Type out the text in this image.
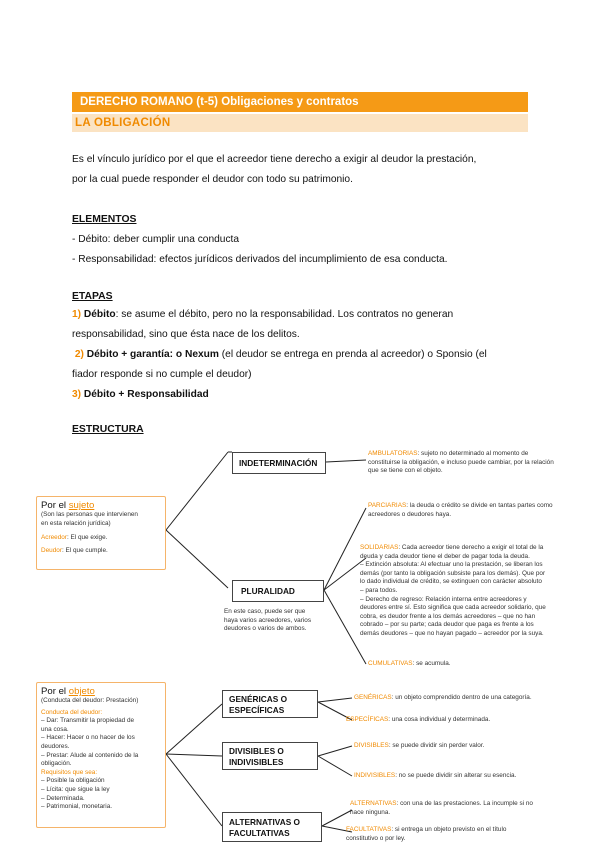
DERECHO ROMANO (t-5) Obligaciones y contratos
LA OBLIGACIÓN
Es el vínculo jurídico por el que el acreedor tiene derecho a exigir al deudor la prestación,
por la cual puede responder el deudor con todo su patrimonio.
ELEMENTOS
- Débito: deber cumplir una conducta
- Responsabilidad: efectos jurídicos derivados del incumplimiento de esa conducta.
ETAPAS
1) Débito: se asume el débito, pero no la responsabilidad. Los contratos no generan
responsabilidad, sino que ésta nace de los delitos.
2) Débito + garantía: o Nexum (el deudor se entrega en prenda al acreedor) o Sponsio (el
fiador responde si no cumple el deudor)
3) Débito + Responsabilidad
ESTRUCTURA
Por el sujeto
(Son las personas que intervienen
en esta relación jurídica)
Acreedor: El que exige.
Deudor: El que cumple.
INDETERMINACIÓN
AMBULATORIAS: sujeto no determinado al momento de
constituirse la obligación, e incluso puede cambiar, por la relación
que se tiene con el objeto.
PLURALIDAD
En este caso, puede ser que
haya varios acreedores, varios
deudores o varios de ambos.
PARCIARIAS: la deuda o crédito se divide en tantas partes como
acreedores o deudores haya.
SOLIDARIAS: Cada acreedor tiene derecho a exigir el total de la
deuda y cada deudor tiene el deber de pagar toda la deuda.
– Extinción absoluta: Al efectuar uno la prestación, se liberan los
demás (por tanto la obligación subsiste para los demás). Que por
lo dado individual de crédito, se extinguen con carácter absoluto
– para todos.
– Derecho de regreso: Relación interna entre acreedores y
deudores entre sí. Esto significa que cada acreedor solidario, que
cobra, es deudor frente a los demás acreedores – que no han
cobrado – por su parte; cada deudor que paga es frente a los
demás deudores – que no hayan pagado – acreedor por la suya.
CUMULATIVAS: se acumula.
Por el objeto
(Conducta del deudor: Prestación)
Conducta del deudor:
– Dar: Transmitir la propiedad de
una cosa.
– Hacer: Hacer o no hacer de los
deudores.
– Prestar: Alude al contenido de la
obligación.
Requisitos que sea:
– Posible la obligación
– Lícita: que sigue la ley
– Determinada.
– Patrimonial, monetaria.
GENÉRICAS O
ESPECÍFICAS
GENÉRICAS: un objeto comprendido dentro de una categoría.
ESPECÍFICAS: una cosa individual y determinada.
DIVISIBLES O
INDIVISIBLES
DIVISIBLES: se puede dividir sin perder valor.
INDIVISIBLES: no se puede dividir sin alterar su esencia.
ALTERNATIVAS O
FACULTATIVAS
ALTERNATIVAS: con una de las prestaciones. La incumple si no
hace ninguna.
FACULTATIVAS: si entrega un objeto previsto en el título
constitutivo o por ley.
